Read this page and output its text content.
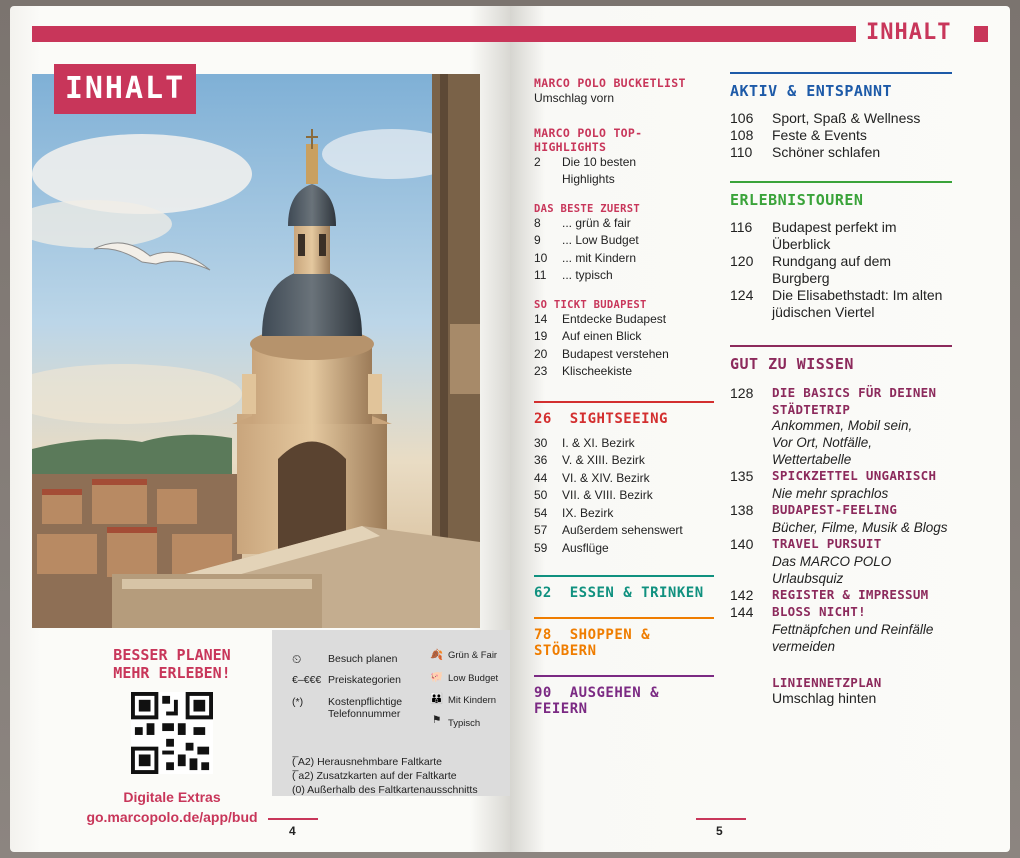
INHALT
BESSER PLANEN
MEHR ERLEBEN!
Digitale Extras
go.marcopolo.de/app/bud
⏲	Besuch planen
€–€€€ Preiskategorien
(*) Kostenpflichtige Telefonnummer
🍂 Grün & Fair
🐖 Low Budget
👪 Mit Kindern
⚑ Typisch
(̅ A2) Herausnehmbare Faltkarte
(̅ a2) Zusatzkarten auf der Faltkarte
(0) Außerhalb des Faltkartenausschnitts
4
INHALT
MARCO POLO BUCKETLIST
Umschlag vorn
MARCO POLO TOP-HIGHLIGHTS
2	Die 10 besten
Highlights
DAS BESTE ZUERST
8	... grün & fair
9	... Low Budget
10	... mit Kindern
11	... typisch
SO TICKT BUDAPEST
14	Entdecke Budapest
19	Auf einen Blick
20	Budapest verstehen
23	Klischeekiste
26 SIGHTSEEING
30	I. & XI. Bezirk
36	V. & XIII. Bezirk
44	VI. & XIV. Bezirk
50	VII. & VIII. Bezirk
54	IX. Bezirk
57	Außerdem sehenswert
59	Ausflüge
62 ESSEN & TRINKEN
78 SHOPPEN & STÖBERN
90 AUSGEHEN & FEIERN
AKTIV & ENTSPANNT
106	Sport, Spaß & Wellness
108	Feste & Events
110	Schöner schlafen
ERLEBNISTOUREN
116	Budapest perfekt im
Überblick
120	Rundgang auf dem Burgberg
124	Die Elisabethstadt: Im alten
jüdischen Viertel
GUT ZU WISSEN
128	DIE BASICS FÜR DEINEN
STÄDTETRIP
Ankommen, Mobil sein,
Vor Ort, Notfälle, Wettertabelle
135	SPICKZETTEL UNGARISCH
Nie mehr sprachlos
138	BUDAPEST-FEELING
Bücher, Filme, Musik & Blogs
140	TRAVEL PURSUIT
Das MARCO POLO Urlaubsquiz
142	REGISTER & IMPRESSUM
144	BLOSS NICHT!
Fettnäpfchen und Reinfälle
vermeiden
LINIENNETZPLAN
Umschlag hinten
5
